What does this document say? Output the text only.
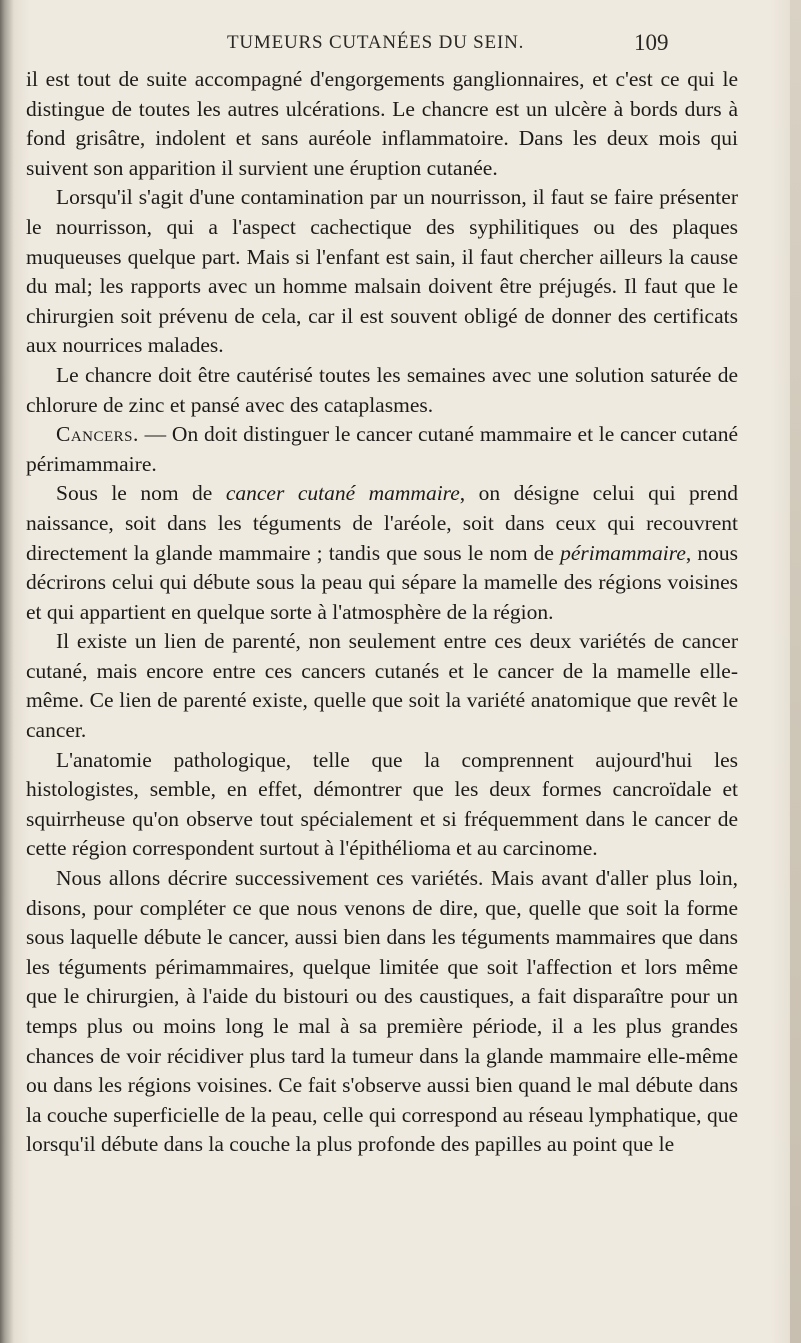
TUMEURS CUTANÉES DU SEIN.	109

il est tout de suite accompagné d'engorgements ganglionnaires, et c'est ce qui le distingue de toutes les autres ulcérations. Le chancre est un ulcère à bords durs à fond grisâtre, indolent et sans auréole inflammatoire. Dans les deux mois qui suivent son apparition il survient une éruption cutanée.

Lorsqu'il s'agit d'une contamination par un nourrisson, il faut se faire présenter le nourrisson, qui a l'aspect cachectique des syphilitiques ou des plaques muqueuses quelque part. Mais si l'enfant est sain, il faut chercher ailleurs la cause du mal; les rapports avec un homme malsain doivent être préjugés. Il faut que le chirurgien soit prévenu de cela, car il est souvent obligé de donner des certificats aux nourrices malades.

Le chancre doit être cautérisé toutes les semaines avec une solution saturée de chlorure de zinc et pansé avec des cataplasmes.

Cancers. — On doit distinguer le cancer cutané mammaire et le cancer cutané périmammaire.

Sous le nom de cancer cutané mammaire, on désigne celui qui prend naissance, soit dans les téguments de l'aréole, soit dans ceux qui recouvrent directement la glande mammaire ; tandis que sous le nom de périmammaire, nous décrirons celui qui débute sous la peau qui sépare la mamelle des régions voisines et qui appartient en quelque sorte à l'atmosphère de la région.

Il existe un lien de parenté, non seulement entre ces deux variétés de cancer cutané, mais encore entre ces cancers cutanés et le cancer de la mamelle elle-même. Ce lien de parenté existe, quelle que soit la variété anatomique que revêt le cancer.

L'anatomie pathologique, telle que la comprennent aujourd'hui les histologistes, semble, en effet, démontrer que les deux formes cancroïdale et squirrheuse qu'on observe tout spécialement et si fréquemment dans le cancer de cette région correspondent surtout à l'épithélioma et au carcinome.

Nous allons décrire successivement ces variétés. Mais avant d'aller plus loin, disons, pour compléter ce que nous venons de dire, que, quelle que soit la forme sous laquelle débute le cancer, aussi bien dans les téguments mammaires que dans les téguments périmammaires, quelque limitée que soit l'affection et lors même que le chirurgien, à l'aide du bistouri ou des caustiques, a fait disparaître pour un temps plus ou moins long le mal à sa première période, il a les plus grandes chances de voir récidiver plus tard la tumeur dans la glande mammaire elle-même ou dans les régions voisines. Ce fait s'observe aussi bien quand le mal débute dans la couche superficielle de la peau, celle qui correspond au réseau lymphatique, que lorsqu'il débute dans la couche la plus profonde des papilles au point que le
